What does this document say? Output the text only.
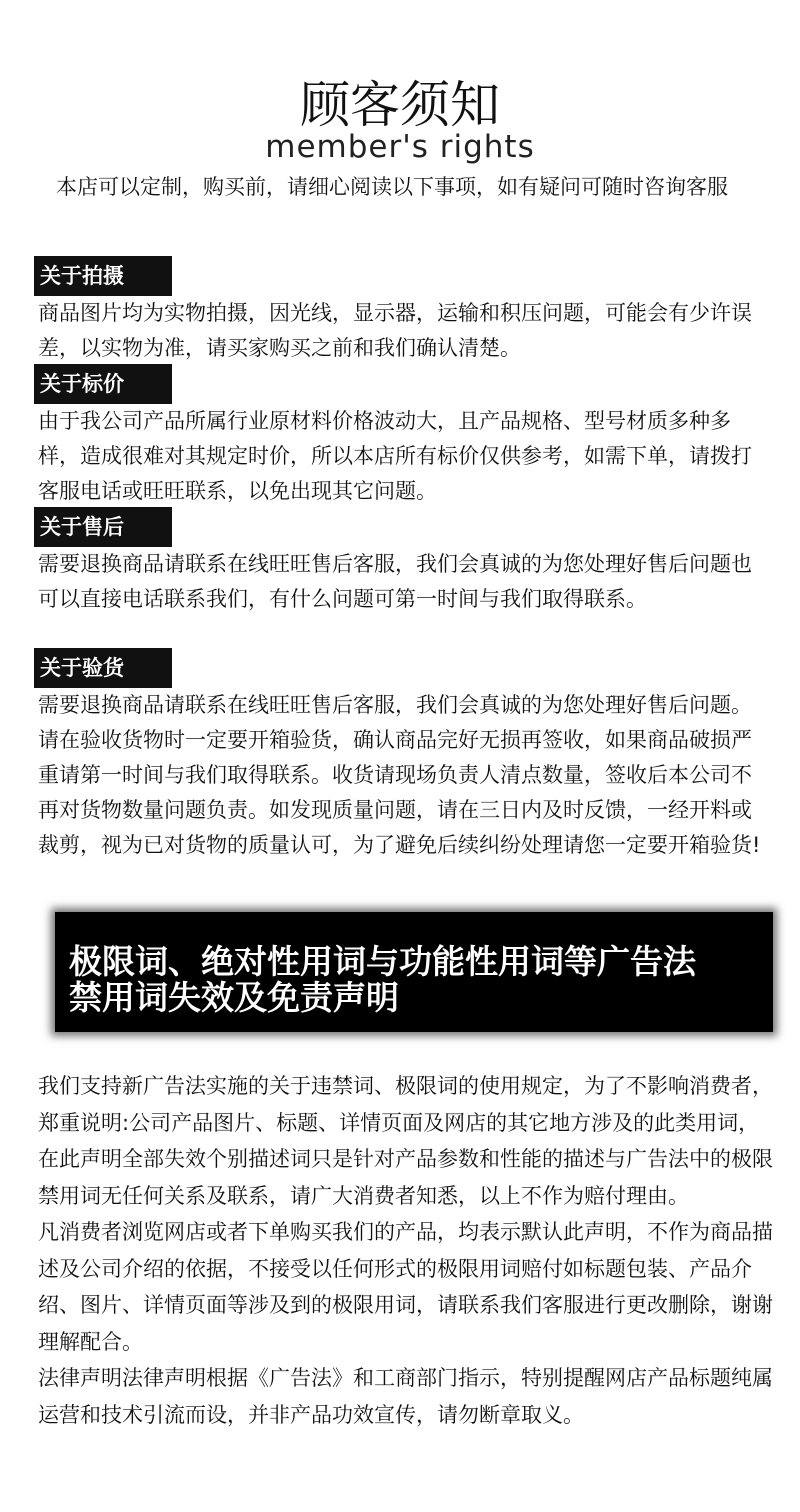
顾客须知
member's rights
本店可以定制，购买前，请细心阅读以下事项，如有疑问可随时咨询客服
关于拍摄
商品图片均为实物拍摄，因光线，显示器，运输和积压问题，可能会有少许误差，以实物为准，请买家购买之前和我们确认清楚。
关于标价
由于我公司产品所属行业原材料价格波动大，且产品规格、型号材质多种多样，造成很难对其规定时价，所以本店所有标价仅供参考，如需下单，请拨打客服电话或旺旺联系，以免出现其它问题。
关于售后
需要退换商品请联系在线旺旺售后客服，我们会真诚的为您处理好售后问题也可以直接电话联系我们，有什么问题可第一时间与我们取得联系。
关于验货
需要退换商品请联系在线旺旺售后客服，我们会真诚的为您处理好售后问题。请在验收货物时一定要开箱验货，确认商品完好无损再签收，如果商品破损严重请第一时间与我们取得联系。收货请现场负责人清点数量，签收后本公司不再对货物数量问题负责。如发现质量问题，请在三日内及时反馈，一经开料或裁剪，视为已对货物的质量认可，为了避免后续纠纷处理请您一定要开箱验货!
极限词、绝对性用词与功能性用词等广告法
禁用词失效及免责声明

我们支持新广告法实施的关于违禁词、极限词的使用规定，为了不影响消费者，郑重说明:公司产品图片、标题、详情页面及网店的其它地方涉及的此类用词，在此声明全部失效个别描述词只是针对产品参数和性能的描述与广告法中的极限禁用词无任何关系及联系，请广大消费者知悉，以上不作为赔付理由。

凡消费者浏览网店或者下单购买我们的产品，均表示默认此声明，不作为商品描述及公司介绍的依据，不接受以任何形式的极限用词赔付如标题包装、产品介绍、图片、详情页面等涉及到的极限用词，请联系我们客服进行更改删除，谢谢理解配合。

法律声明法律声明根据《广告法》和工商部门指示，特别提醒网店产品标题纯属运营和技术引流而设，并非产品功效宣传，请勿断章取义。
